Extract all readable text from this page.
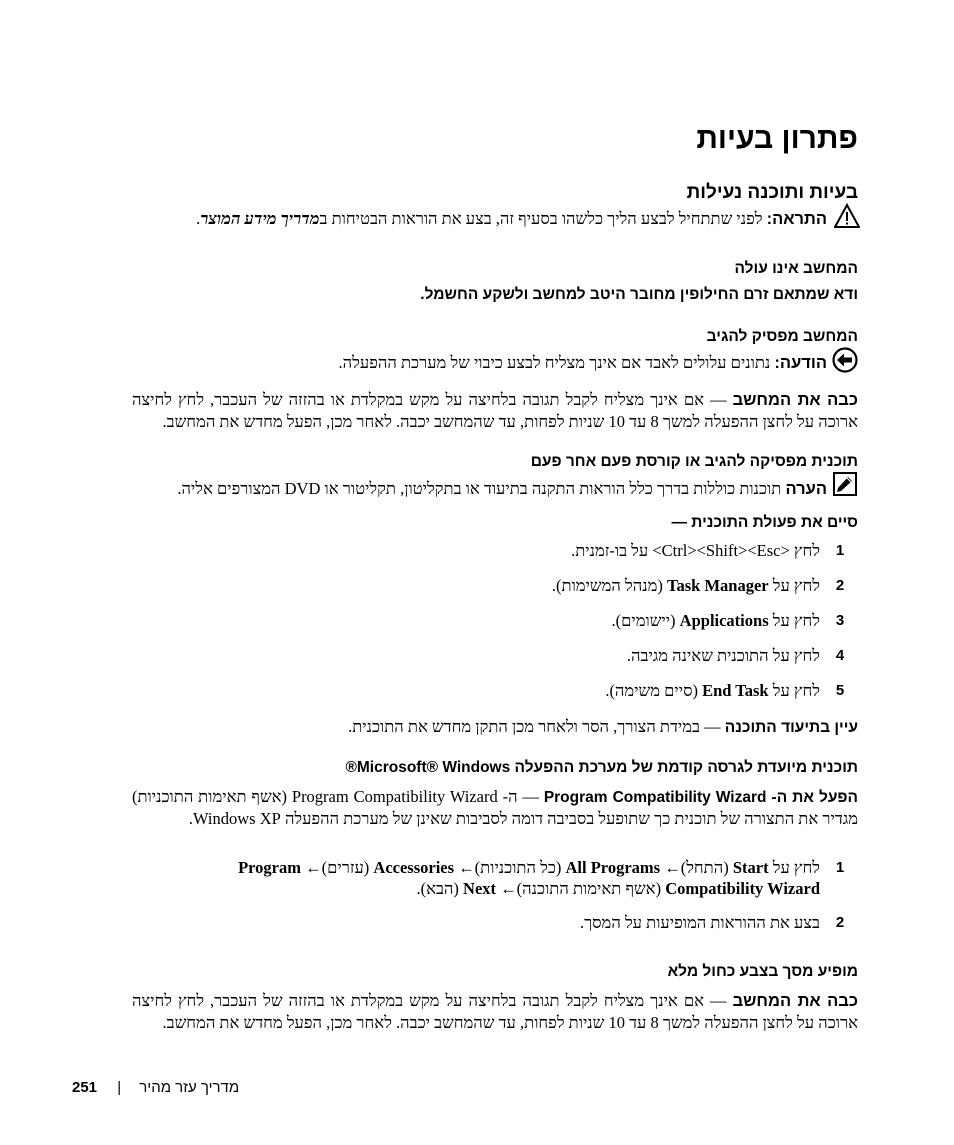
פתרון בעיות
בעיות ותוכנה נעילות
התראה: לפני שתתחיל לבצע הליך כלשהו בסעיף זה, בצע את הוראות הבטיחות במדריך מידע המוצר.
המחשב אינו עולה
ודא שמתאם זרם החילופין מחובר היטב למחשב ולשקע החשמל.
המחשב מפסיק להגיב
הודעה: נתונים עלולים לאבד אם אינך מצליח לבצע כיבוי של מערכת ההפעלה.
כבה את המחשב — אם אינך מצליח לקבל תגובה בלחיצה על מקש במקלדת או בהזזה של העכבר, לחץ לחיצה ארוכה על לחצן ההפעלה למשך 8 עד 10 שניות לפחות, עד שהמחשב יכבה. לאחר מכן, הפעל מחדש את המחשב.
תוכנית מפסיקה להגיב או קורסת פעם אחר פעם
הערה תוכנות כוללות בדרך כלל הוראות התקנה בתיעוד או בתקליטון, תקליטור או DVD המצורפים אליה.
סיים את פעולת התוכנית —
1
לחץ <Ctrl><Shift><Esc> על בו-זמנית.
2
לחץ על Task Manager (מנהל המשימות).
3
לחץ על Applications (יישומים).
4
לחץ על התוכנית שאינה מגיבה.
5
לחץ על End Task (סיים משימה).
עיין בתיעוד התוכנה — במידת הצורך, הסר ולאחר מכן התקן מחדש את התוכנית.
תוכנית מיועדת לגרסה קודמת של מערכת ההפעלה Microsoft® Windows®
הפעל את ה- Program Compatibility Wizard — ה- Program Compatibility Wizard (אשף תאימות התוכניות) מגדיר את התצורה של תוכנית כך שתופעל בסביבה דומה לסביבות שאינן של מערכת ההפעלה Windows XP.
1
לחץ על Start (התחל)← All Programs (כל התוכניות)← Accessories (עזרים)← Program
Compatibility Wizard (אשף תאימות התוכנה)← Next (הבא).
2
בצע את ההוראות המופיעות על המסך.
מופיע מסך בצבע כחול מלא
כבה את המחשב — אם אינך מצליח לקבל תגובה בלחיצה על מקש במקלדת או בהזזה של העכבר, לחץ לחיצה ארוכה על לחצן ההפעלה למשך 8 עד 10 שניות לפחות, עד שהמחשב יכבה. לאחר מכן, הפעל מחדש את המחשב.
251 | מדריך עזר מהיר
